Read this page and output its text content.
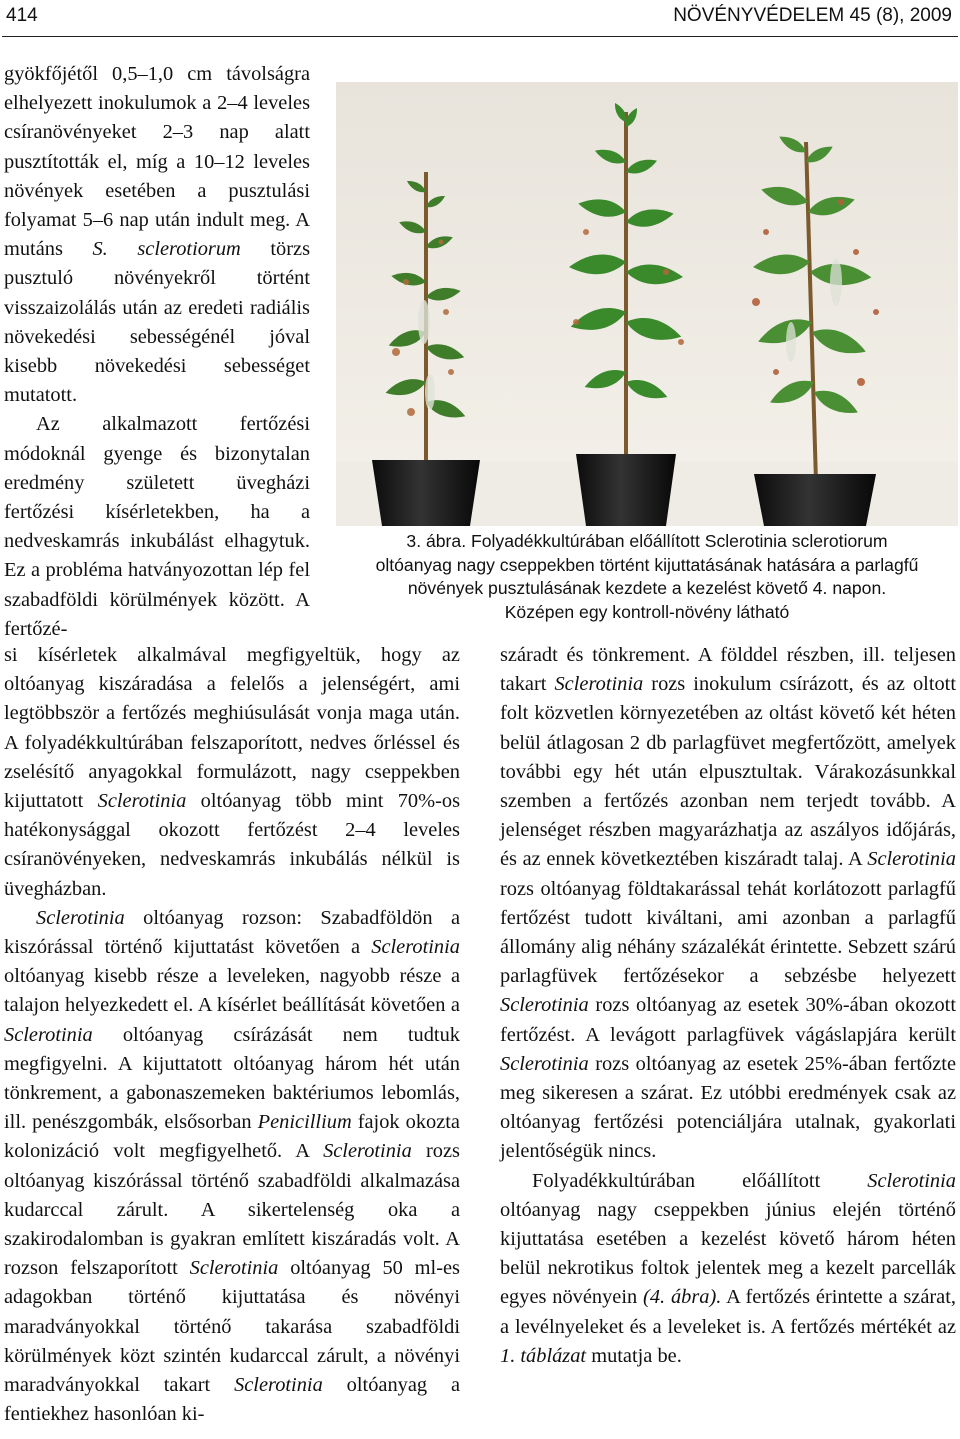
414	NÖVÉNYVÉDELEM 45 (8), 2009

gyökfőjétől 0,5–1,0 cm távolságra elhelyezett inokulumok a 2–4 leveles csíranövényeket 2–3 nap alatt pusztították el, míg a 10–12 leveles növények esetében a pusztulási folyamat 5–6 nap után indult meg. A mutáns S. sclerotiorum törzs pusztuló növényekről történt visszaizolálás után az eredeti radiális növekedési sebességénél jóval kisebb növekedési sebességet mutatott.

Az alkalmazott fertőzési módoknál gyenge és bizonytalan eredmény született üvegházi fertőzési kísérletekben, ha a nedveskamrás inkubálást elhagytuk. Ez a probléma hatványozottan lép fel szabadföldi körülmények között. A fertőzé-

3. ábra. Folyadékkultúrában előállított Sclerotinia sclerotiorum
oltóanyag nagy cseppekben történt kijuttatásának hatására a parlagfű
növények pusztulásának kezdete a kezelést követő 4. napon.
Középen egy kontroll-növény látható

si kísérletek alkalmával megfigyeltük, hogy az oltóanyag kiszáradása a felelős a jelenségért, ami legtöbbször a fertőzés meghiúsulását vonja maga után. A folyadékkultúrában felszaporított, nedves őrléssel és zselésítő anyagokkal formulázott, nagy cseppekben kijuttatott Sclerotinia oltóanyag több mint 70%-os hatékonysággal okozott fertőzést 2–4 leveles csíranövényeken, nedveskamrás inkubálás nélkül is üvegházban.

Sclerotinia oltóanyag rozson: Szabadföldön a kiszórással történő kijuttatást követően a Sclerotinia oltóanyag kisebb része a leveleken, nagyobb része a talajon helyezkedett el. A kísérlet beállítását követően a Sclerotinia oltóanyag csírázását nem tudtuk megfigyelni. A kijuttatott oltóanyag három hét után tönkrement, a gabonaszemeken baktériumos lebomlás, ill. penészgombák, elsősorban Penicillium fajok okozta kolonizáció volt megfigyelhető. A Sclerotinia rozs oltóanyag kiszórással történő szabadföldi alkalmazása kudarccal zárult. A sikertelenség oka a szakirodalomban is gyakran említett kiszáradás volt. A rozson felszaporított Sclerotinia oltóanyag 50 ml-es adagokban történő kijuttatása és növényi maradványokkal történő takarása szabadföldi körülmények közt szintén kudarccal zárult, a növényi maradványokkal takart Sclerotinia oltóanyag a fentiekhez hasonlóan ki-

száradt és tönkrement. A földdel részben, ill. teljesen takart Sclerotinia rozs inokulum csírázott, és az oltott folt közvetlen környezetében az oltást követő két héten belül átlagosan 2 db parlagfüvet megfertőzött, amelyek további egy hét után elpusztultak. Várakozásunkkal szemben a fertőzés azonban nem terjedt tovább. A jelenséget részben magyarázhatja az aszályos időjárás, és az ennek következtében kiszáradt talaj. A Sclerotinia rozs oltóanyag földtakarással tehát korlátozott parlagfű fertőzést tudott kiváltani, ami azonban a parlagfű állomány alig néhány százalékát érintette. Sebzett szárú parlagfüvek fertőzésekor a sebzésbe helyezett Sclerotinia rozs oltóanyag az esetek 30%-ában okozott fertőzést. A levágott parlagfüvek vágáslapjára került Sclerotinia rozs oltóanyag az esetek 25%-ában fertőzte meg sikeresen a szárat. Ez utóbbi eredmények csak az oltóanyag fertőzési potenciáljára utalnak, gyakorlati jelentőségük nincs.

Folyadékkultúrában előállított Sclerotinia oltóanyag nagy cseppekben június elején történő kijuttatása esetében a kezelést követő három héten belül nekrotikus foltok jelentek meg a kezelt parcellák egyes növényein (4. ábra). A fertőzés érintette a szárat, a levélnyeleket és a leveleket is. A fertőzés mértékét az 1. táblázat mutatja be.
